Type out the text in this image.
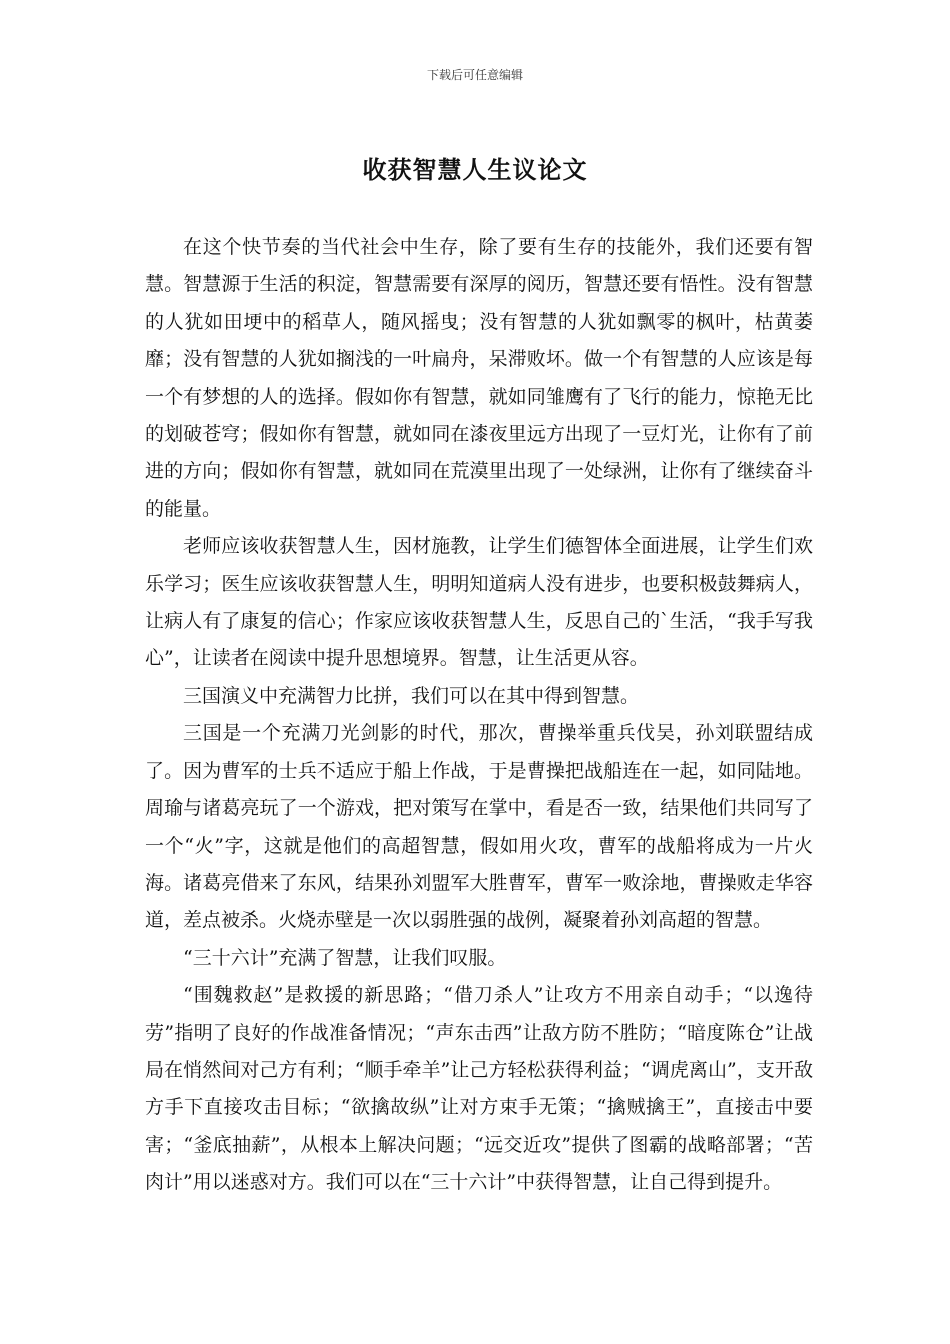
下载后可任意编辑
收获智慧人生议论文

在这个快节奏的当代社会中生存，除了要有生存的技能外，我们还要有智慧。智慧源于生活的积淀，智慧需要有深厚的阅历，智慧还要有悟性。没有智慧的人犹如田埂中的稻草人，随风摇曳；没有智慧的人犹如飘零的枫叶，枯黄萎靡；没有智慧的人犹如搁浅的一叶扁舟，呆滞败坏。做一个有智慧的人应该是每一个有梦想的人的选择。假如你有智慧，就如同雏鹰有了飞行的能力，惊艳无比的划破苍穹；假如你有智慧，就如同在漆夜里远方出现了一豆灯光，让你有了前进的方向；假如你有智慧，就如同在荒漠里出现了一处绿洲，让你有了继续奋斗的能量。

老师应该收获智慧人生，因材施教，让学生们德智体全面进展，让学生们欢乐学习；医生应该收获智慧人生，明明知道病人没有进步，也要积极鼓舞病人，让病人有了康复的信心；作家应该收获智慧人生，反思自己的`生活，“我手写我心”，让读者在阅读中提升思想境界。智慧，让生活更从容。

三国演义中充满智力比拼，我们可以在其中得到智慧。

三国是一个充满刀光剑影的时代，那次，曹操举重兵伐吴，孙刘联盟结成了。因为曹军的士兵不适应于船上作战，于是曹操把战船连在一起，如同陆地。周瑜与诸葛亮玩了一个游戏，把对策写在掌中，看是否一致，结果他们共同写了一个“火”字，这就是他们的高超智慧，假如用火攻，曹军的战船将成为一片火海。诸葛亮借来了东风，结果孙刘盟军大胜曹军，曹军一败涂地，曹操败走华容道，差点被杀。火烧赤壁是一次以弱胜强的战例，凝聚着孙刘高超的智慧。

“三十六计”充满了智慧，让我们叹服。

“围魏救赵”是救援的新思路；“借刀杀人”让攻方不用亲自动手；“以逸待劳”指明了良好的作战准备情况；“声东击西”让敌方防不胜防；“暗度陈仓”让战局在悄然间对己方有利；“顺手牵羊”让己方轻松获得利益；“调虎离山”，支开敌方手下直接攻击目标；“欲擒故纵”让对方束手无策；“擒贼擒王”，直接击中要害；“釜底抽薪”，从根本上解决问题；“远交近攻”提供了图霸的战略部署；“苦肉计”用以迷惑对方。我们可以在“三十六计”中获得智慧，让自己得到提升。
